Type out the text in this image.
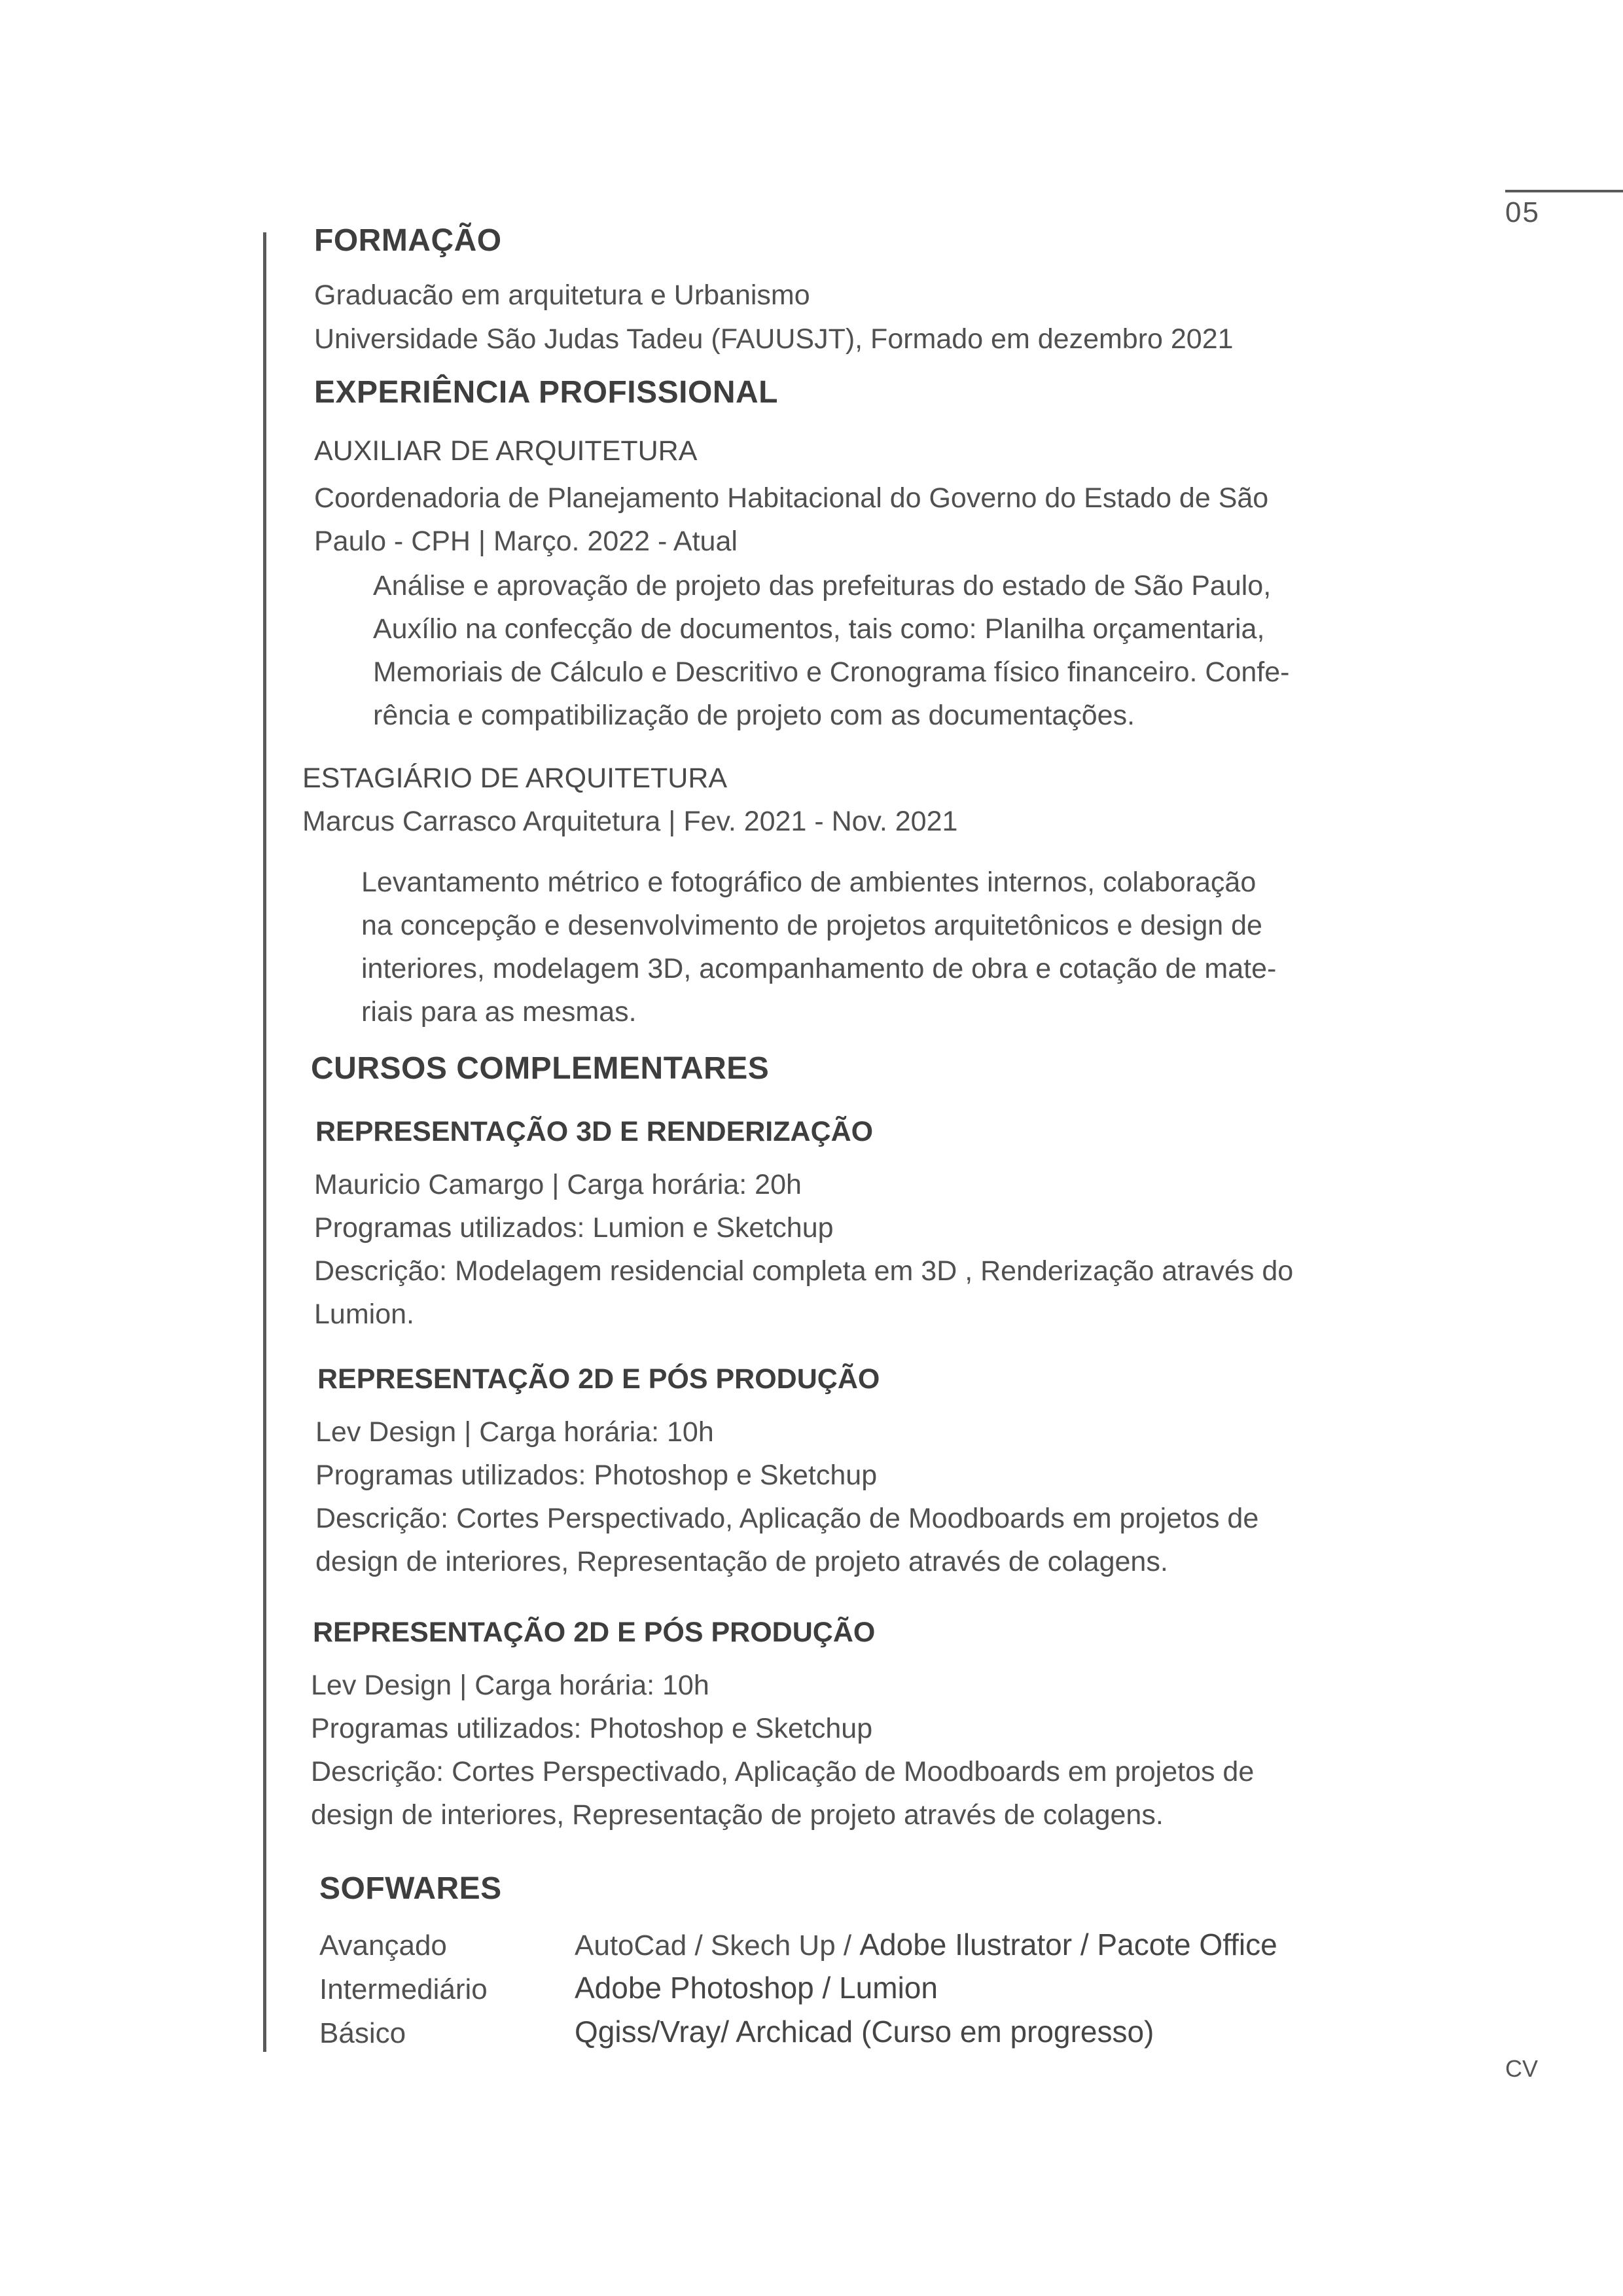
05
FORMAÇÃO
Graduacão em arquitetura e Urbanismo
Universidade São Judas Tadeu (FAUUSJT), Formado em dezembro 2021
EXPERIÊNCIA PROFISSIONAL
AUXILIAR DE ARQUITETURA
Coordenadoria de Planejamento Habitacional do Governo do Estado de São
Paulo - CPH | Março. 2022 - Atual
Análise e aprovação de projeto das prefeituras do estado de São Paulo,
Auxílio na confecção de documentos, tais como: Planilha orçamentaria,
Memoriais de Cálculo e Descritivo e Cronograma físico financeiro. Confe-
rência e compatibilização de projeto com as documentações.
ESTAGIÁRIO DE ARQUITETURA
Marcus Carrasco Arquitetura | Fev. 2021 - Nov. 2021
Levantamento métrico e fotográfico de ambientes internos, colaboração
na concepção e desenvolvimento de projetos arquitetônicos e design de
interiores, modelagem 3D, acompanhamento de obra e cotação de mate-
riais para as mesmas.
CURSOS COMPLEMENTARES
REPRESENTAÇÃO 3D E RENDERIZAÇÃO
Mauricio Camargo | Carga horária: 20h
Programas utilizados: Lumion e Sketchup
Descrição: Modelagem residencial completa em 3D , Renderização através do
Lumion.
REPRESENTAÇÃO 2D E PÓS PRODUÇÃO
Lev Design | Carga horária: 10h
Programas utilizados: Photoshop e Sketchup
Descrição: Cortes Perspectivado, Aplicação de Moodboards em projetos de
design de interiores, Representação de projeto através de colagens.
REPRESENTAÇÃO 2D E PÓS PRODUÇÃO
Lev Design | Carga horária: 10h
Programas utilizados: Photoshop e Sketchup
Descrição: Cortes Perspectivado, Aplicação de Moodboards em projetos de
design de interiores, Representação de projeto através de colagens.
SOFWARES
Avançado	AutoCad / Skech Up / Adobe Ilustrator / Pacote Office
Intermediário	Adobe Photoshop / Lumion
Básico	Qgiss/Vray/ Archicad (Curso em progresso)
CV
